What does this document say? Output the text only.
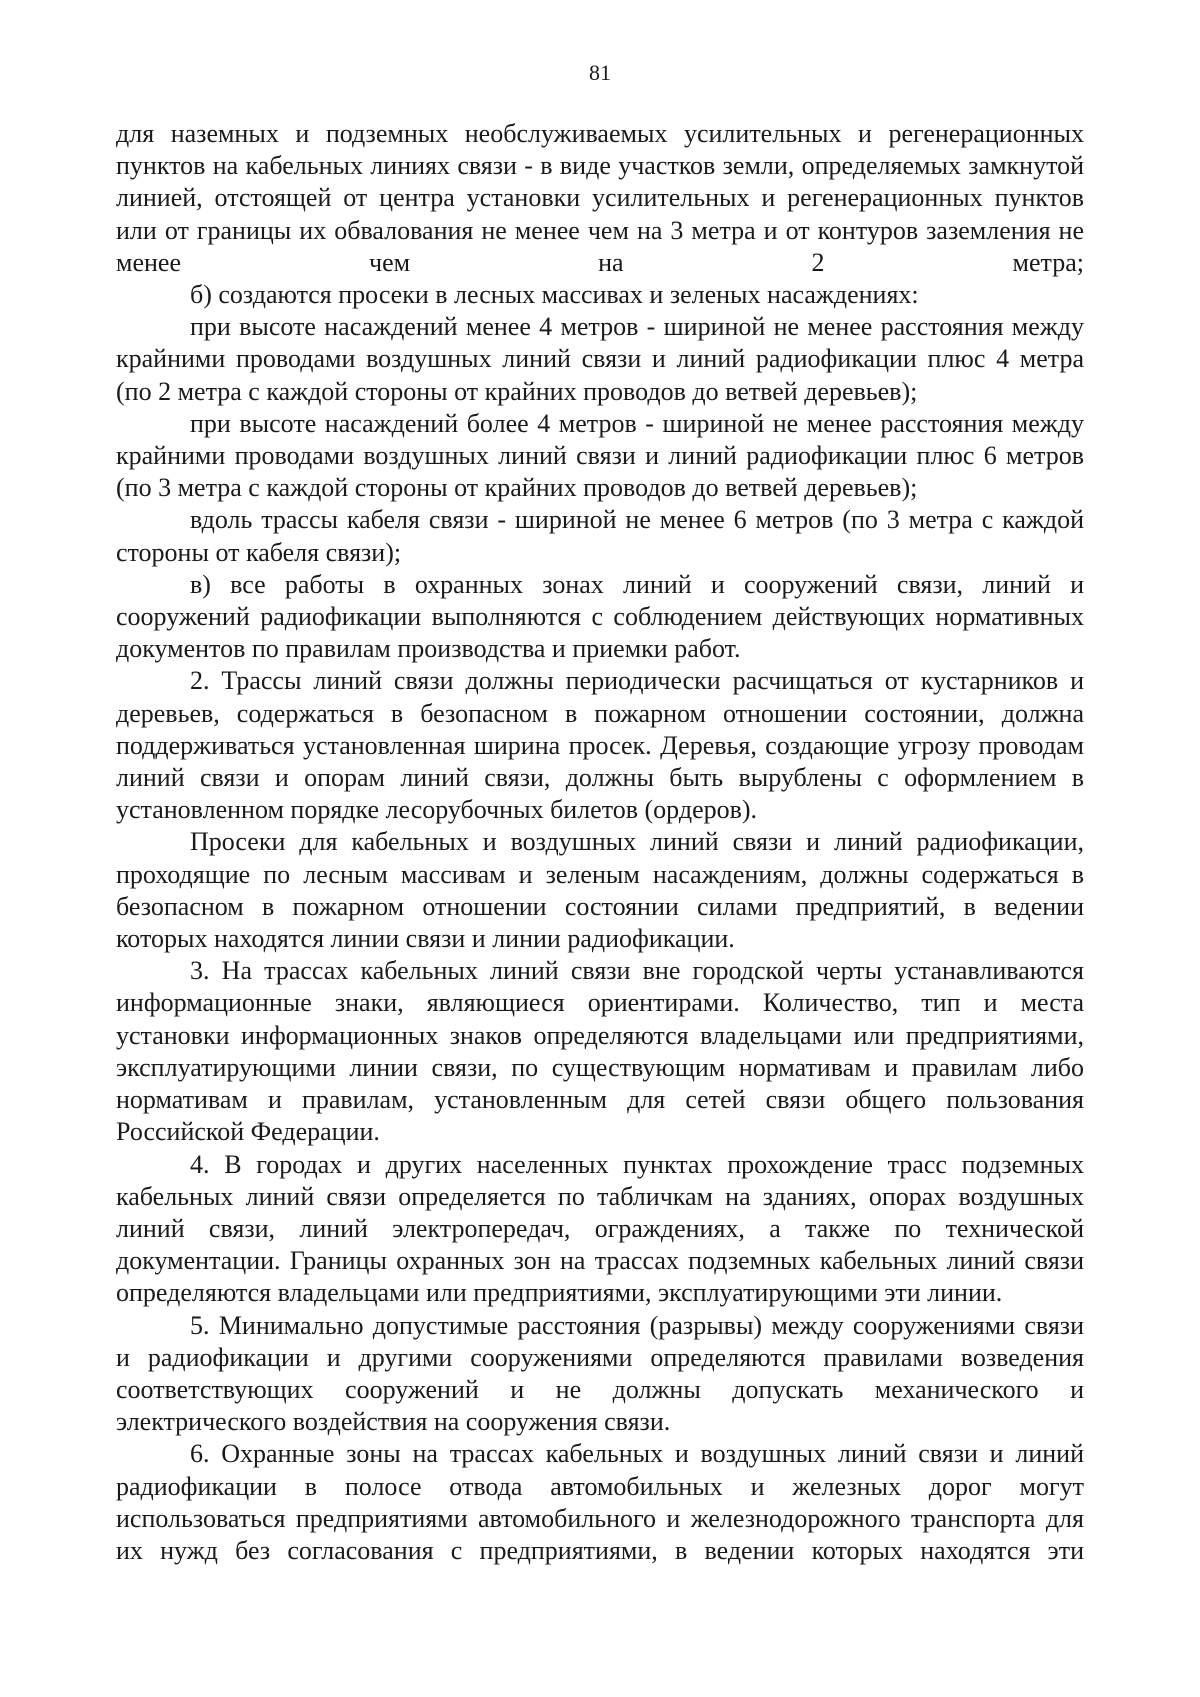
81

для наземных и подземных необслуживаемых усилительных и регенерационных пунктов на кабельных линиях связи - в виде участков земли, определяемых замкнутой линией, отстоящей от центра установки усилительных и регенерационных пунктов или от границы их обвалования не менее чем на 3 метра и от контуров заземления не менее чем на 2 метра;

б) создаются просеки в лесных массивах и зеленых насаждениях:

при высоте насаждений менее 4 метров - шириной не менее расстояния между крайними проводами воздушных линий связи и линий радиофикации плюс 4 метра (по 2 метра с каждой стороны от крайних проводов до ветвей деревьев);

при высоте насаждений более 4 метров - шириной не менее расстояния между крайними проводами воздушных линий связи и линий радиофикации плюс 6 метров (по 3 метра с каждой стороны от крайних проводов до ветвей деревьев);

вдоль трассы кабеля связи - шириной не менее 6 метров (по 3 метра с каждой стороны от кабеля связи);

в) все работы в охранных зонах линий и сооружений связи, линий и сооружений радиофикации выполняются с соблюдением действующих нормативных документов по правилам производства и приемки работ.

2. Трассы линий связи должны периодически расчищаться от кустарников и деревьев, содержаться в безопасном в пожарном отношении состоянии, должна поддерживаться установленная ширина просек. Деревья, создающие угрозу проводам линий связи и опорам линий связи, должны быть вырублены с оформлением в установленном порядке лесорубочных билетов (ордеров).

Просеки для кабельных и воздушных линий связи и линий радиофикации, проходящие по лесным массивам и зеленым насаждениям, должны содержаться в безопасном в пожарном отношении состоянии силами предприятий, в ведении которых находятся линии связи и линии радиофикации.

3. На трассах кабельных линий связи вне городской черты устанавливаются информационные знаки, являющиеся ориентирами. Количество, тип и места установки информационных знаков определяются владельцами или предприятиями, эксплуатирующими линии связи, по существующим нормативам и правилам либо нормативам и правилам, установленным для сетей связи общего пользования Российской Федерации.

4. В городах и других населенных пунктах прохождение трасс подземных кабельных линий связи определяется по табличкам на зданиях, опорах воздушных линий связи, линий электропередач, ограждениях, а также по технической документации. Границы охранных зон на трассах подземных кабельных линий связи определяются владельцами или предприятиями, эксплуатирующими эти линии.

5. Минимально допустимые расстояния (разрывы) между сооружениями связи и радиофикации и другими сооружениями определяются правилами возведения соответствующих сооружений и не должны допускать механического и электрического воздействия на сооружения связи.

6. Охранные зоны на трассах кабельных и воздушных линий связи и линий радиофикации в полосе отвода автомобильных и железных дорог могут использоваться предприятиями автомобильного и железнодорожного транспорта для их нужд без согласования с предприятиями, в ведении которых находятся эти
